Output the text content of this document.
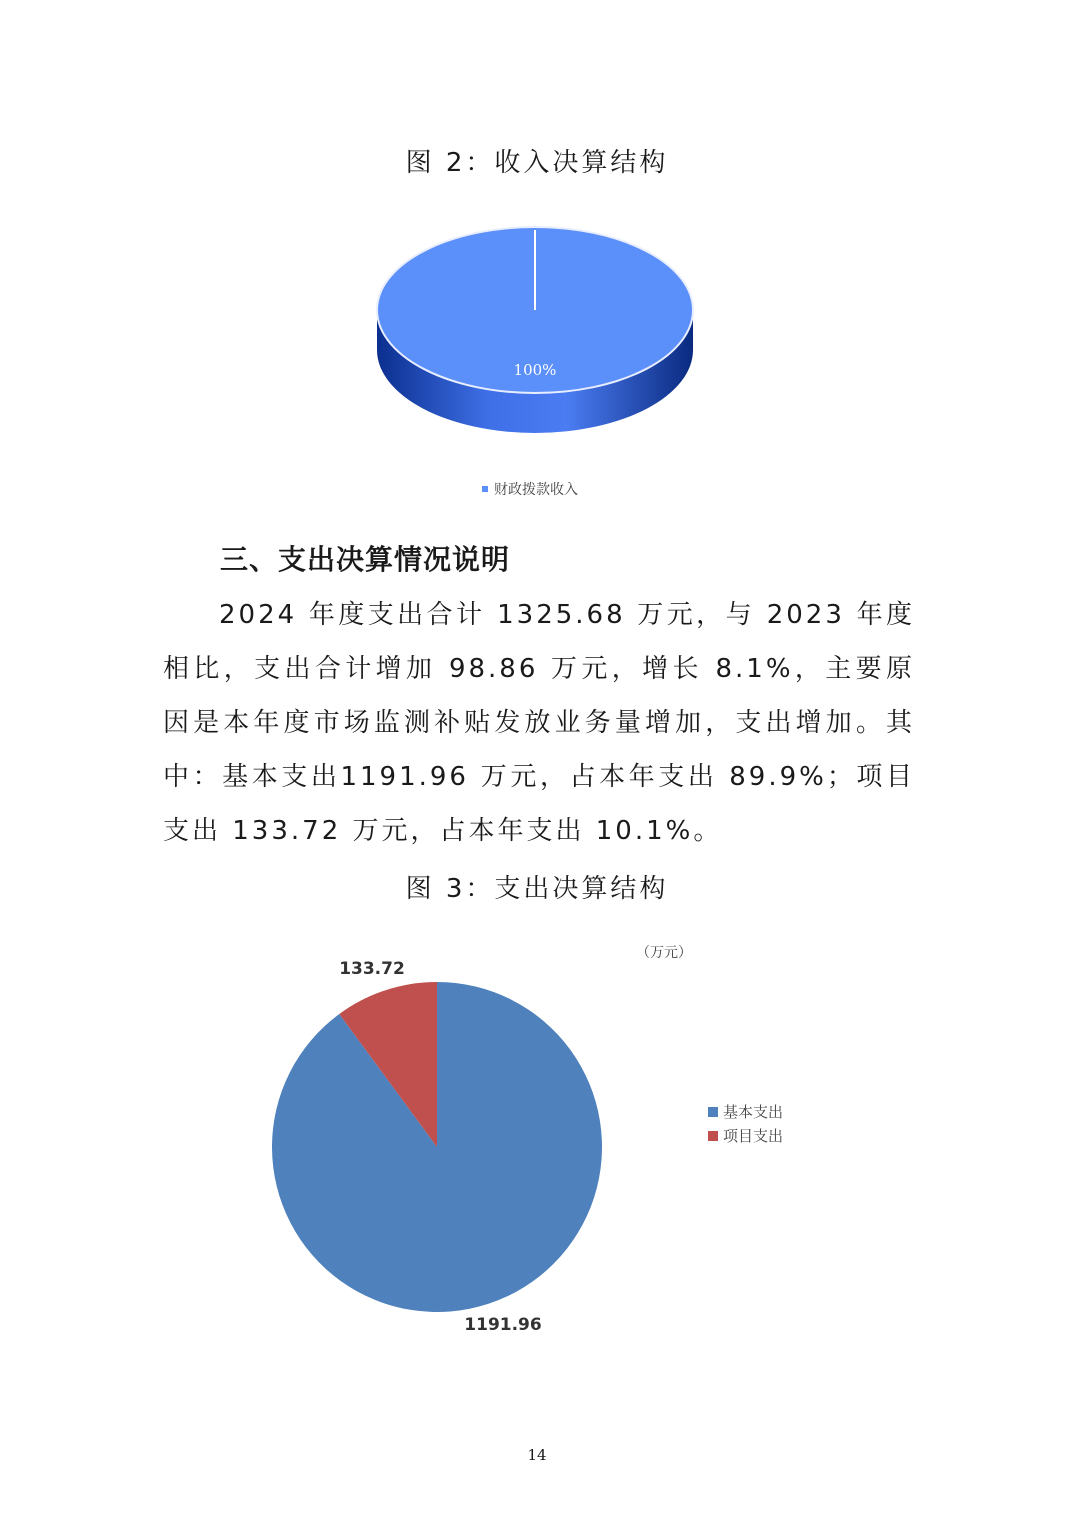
图 2：收入决算结构
100%
财政拨款收入
三、支出决算情况说明

2024 年度支出合计 1325.68 万元，与 2023 年度相比，支出合计增加 98.86 万元，增长 8.1%，主要原因是本年度市场监测补贴发放业务量增加，支出增加。其中：基本支出1191.96 万元，占本年支出 89.9%；项目支出 133.72 万元，占本年支出 10.1%。

图 3：支出决算结构
（万元）
1191.96
133.72
基本支出
项目支出
14
